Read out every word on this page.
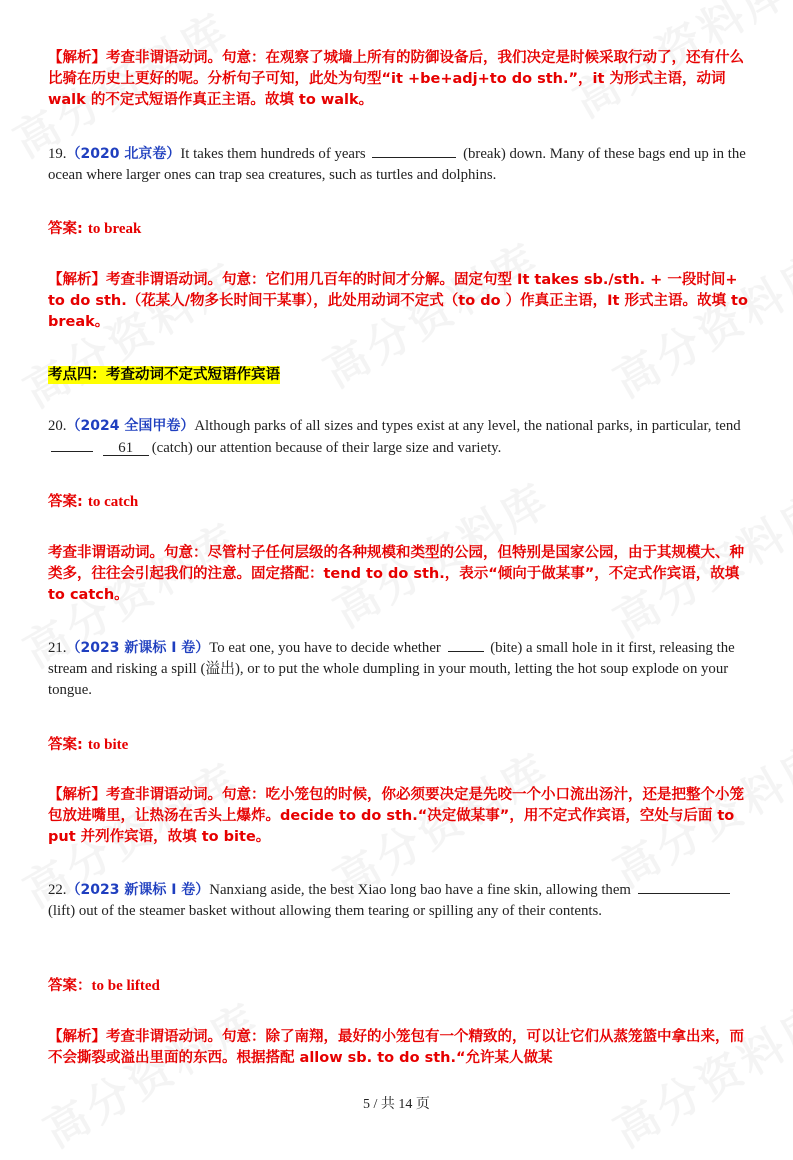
【解析】考查非谓语动词。句意：在观察了城墙上所有的防御设备后，我们决定是时候采取行动了，还有什么比骑在历史上更好的呢。分析句子可知，此处为句型“it +be+adj+to do sth.”，it 为形式主语，动词 walk 的不定式短语作真正主语。故填 to walk。
19.（2020 北京卷）It takes them hundreds of years	(break) down. Many of these bags end up in the ocean where larger ones can trap sea creatures, such as turtles and dolphins.
答案: to break
【解析】考查非谓语动词。句意：它们用几百年的时间才分解。固定句型 It takes sb./sth. + 一段时间+ to do sth.（花某人/物多长时间干某事），此处用动词不定式（to do ）作真正主语，It 形式主语。故填 to break。
考点四：考查动词不定式短语作宾语
20.（2024 全国甲卷）Although parks of all sizes and types exist at any level, the national parks, in particular, tend  61 (catch) our attention because of their large size and variety.
答案: to catch
考查非谓语动词。句意：尽管村子任何层级的各种规模和类型的公园，但特别是国家公园，由于其规模大、种类多，往往会引起我们的注意。固定搭配：tend to do sth.，表示“倾向于做某事”，不定式作宾语，故填 to catch。
21.（2023 新课标 I 卷）To eat one, you have to decide whether	(bite) a small hole in it first, releasing the stream and risking a spill (溢出), or to put the whole dumpling in your mouth, letting the hot soup explode on your tongue.
答案: to bite
【解析】考查非谓语动词。句意：吃小笼包的时候，你必须要决定是先咬一个小口流出汤汁，还是把整个小笼包放进嘴里，让热汤在舌头上爆炸。decide to do sth.“决定做某事”，用不定式作宾语，空处与后面 to put 并列作宾语，故填 to bite。
22.（2023 新课标 I 卷）Nanxiang aside, the best Xiao long bao have a fine skin, allowing them  (lift) out of the steamer basket without allowing them tearing or spilling any of their contents.
答案：to be lifted
【解析】考查非谓语动词。句意：除了南翔，最好的小笼包有一个精致的，可以让它们从蒸笼篮中拿出来，而不会撕裂或溢出里面的东西。根据搭配 allow sb. to do sth.“允许某人做某
5 / 共 14 页
